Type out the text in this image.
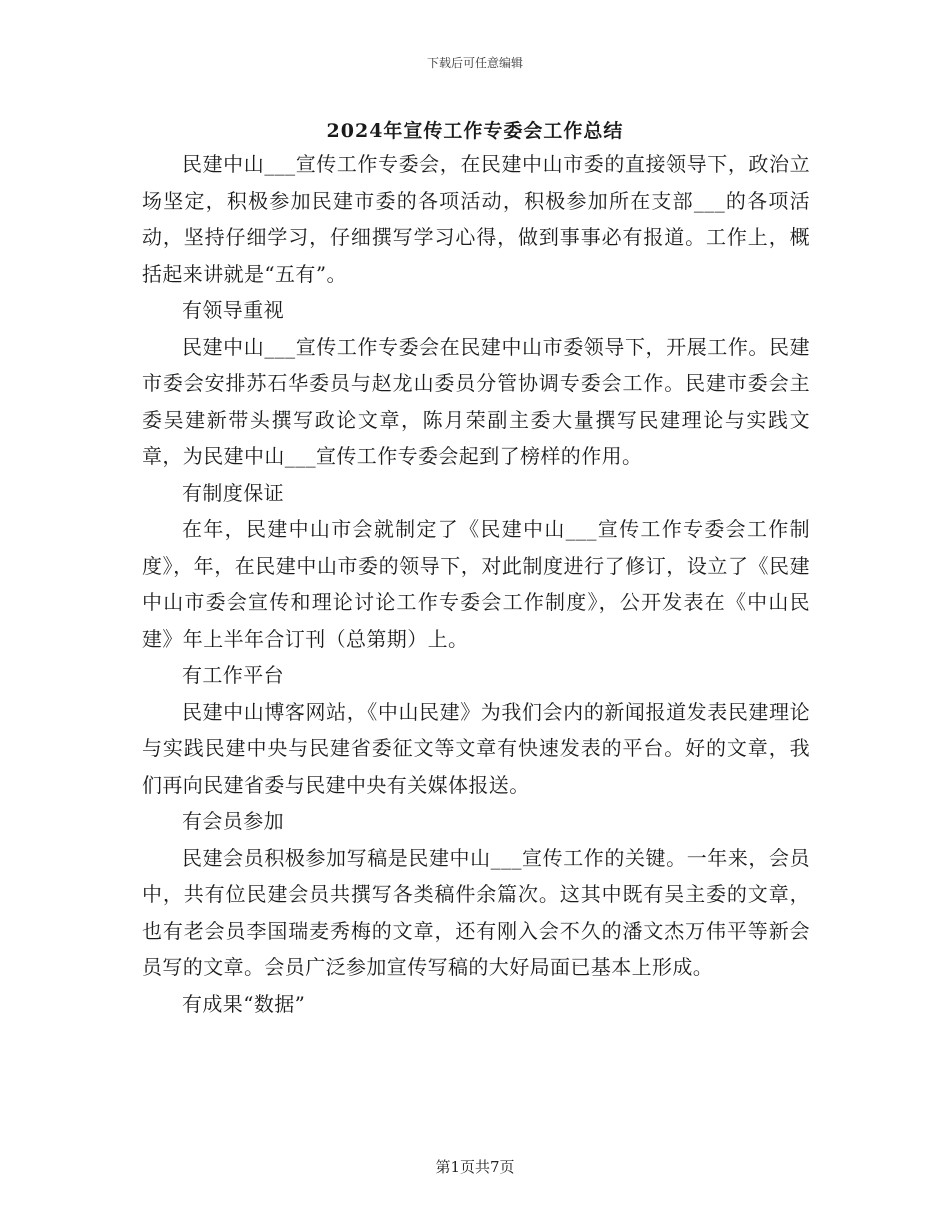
下载后可任意编辑
2024年宣传工作专委会工作总结

民建中山___宣传工作专委会，在民建中山市委的直接领导下，政治立场坚定，积极参加民建市委的各项活动，积极参加所在支部___的各项活动，坚持仔细学习，仔细撰写学习心得，做到事事必有报道。工作上，概括起来讲就是“五有”。

有领导重视

民建中山___宣传工作专委会在民建中山市委领导下，开展工作。民建市委会安排苏石华委员与赵龙山委员分管协调专委会工作。民建市委会主委吴建新带头撰写政论文章，陈月荣副主委大量撰写民建理论与实践文章，为民建中山___宣传工作专委会起到了榜样的作用。

有制度保证

在年，民建中山市会就制定了《民建中山___宣传工作专委会工作制度》，年，在民建中山市委的领导下，对此制度进行了修订，设立了《民建中山市委会宣传和理论讨论工作专委会工作制度》，公开发表在《中山民建》年上半年合订刊（总第期）上。

有工作平台

民建中山博客网站，《中山民建》为我们会内的新闻报道发表民建理论与实践民建中央与民建省委征文等文章有快速发表的平台。好的文章，我们再向民建省委与民建中央有关媒体报送。

有会员参加

民建会员积极参加写稿是民建中山___宣传工作的关键。一年来，会员中，共有位民建会员共撰写各类稿件余篇次。这其中既有吴主委的文章，也有老会员李国瑞麦秀梅的文章，还有刚入会不久的潘文杰万伟平等新会员写的文章。会员广泛参加宣传写稿的大好局面已基本上形成。

有成果“数据”

第1页共7页
